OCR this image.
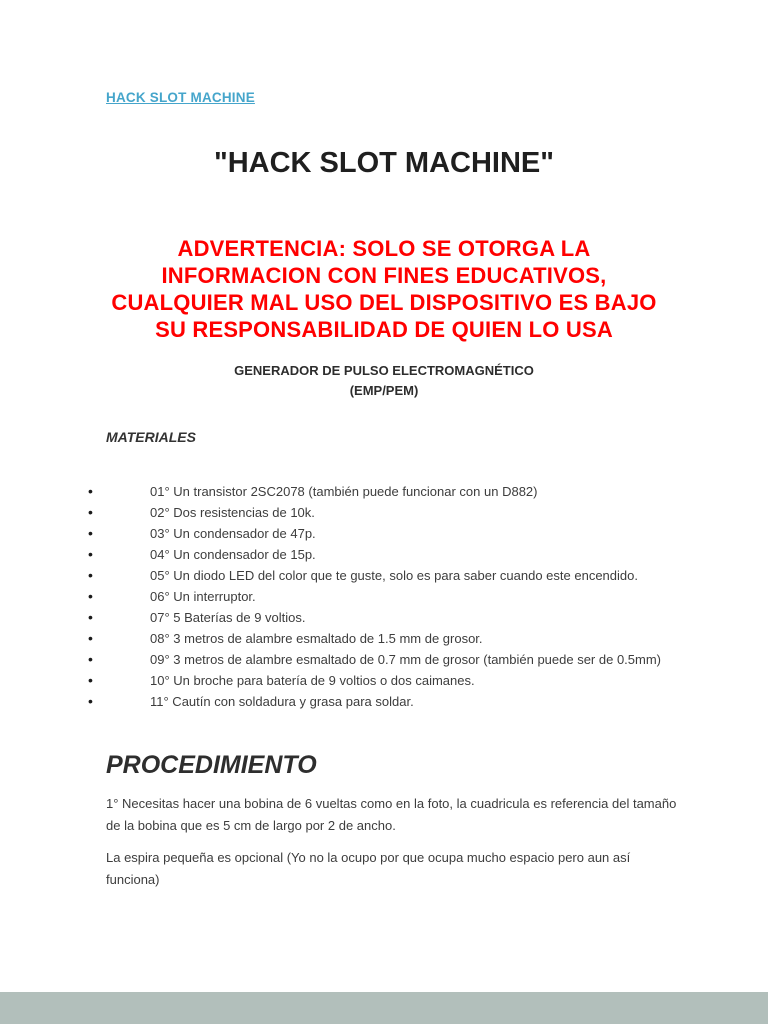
HACK SLOT MACHINE
"HACK SLOT MACHINE"
ADVERTENCIA: SOLO SE OTORGA LA
INFORMACION CON FINES EDUCATIVOS,
CUALQUIER MAL USO DEL DISPOSITIVO ES BAJO
SU RESPONSABILIDAD DE QUIEN LO USA
GENERADOR DE PULSO ELECTROMAGNÉTICO
(EMP/PEM)
MATERIALES
• 01° Un transistor 2SC2078 (también puede funcionar con un D882)
• 02° Dos resistencias de 10k.
• 03° Un condensador de 47p.
• 04° Un condensador de 15p.
• 05° Un diodo LED del color que te guste, solo es para saber cuando este encendido.
• 06° Un interruptor.
• 07° 5 Baterías de 9 voltios.
• 08° 3 metros de alambre esmaltado de 1.5 mm de grosor.
• 09° 3 metros de alambre esmaltado de 0.7 mm de grosor (también puede ser de 0.5mm)
• 10° Un broche para batería de 9 voltios o dos caimanes.
• 11° Cautín con soldadura y grasa para soldar.
PROCEDIMIENTO
1° Necesitas hacer una bobina de 6 vueltas como en la foto, la cuadricula es referencia del tamaño
de la bobina que es 5 cm de largo por 2 de ancho.
La espira pequeña es opcional (Yo no la ocupo por que ocupa mucho espacio pero aun así
funciona)
